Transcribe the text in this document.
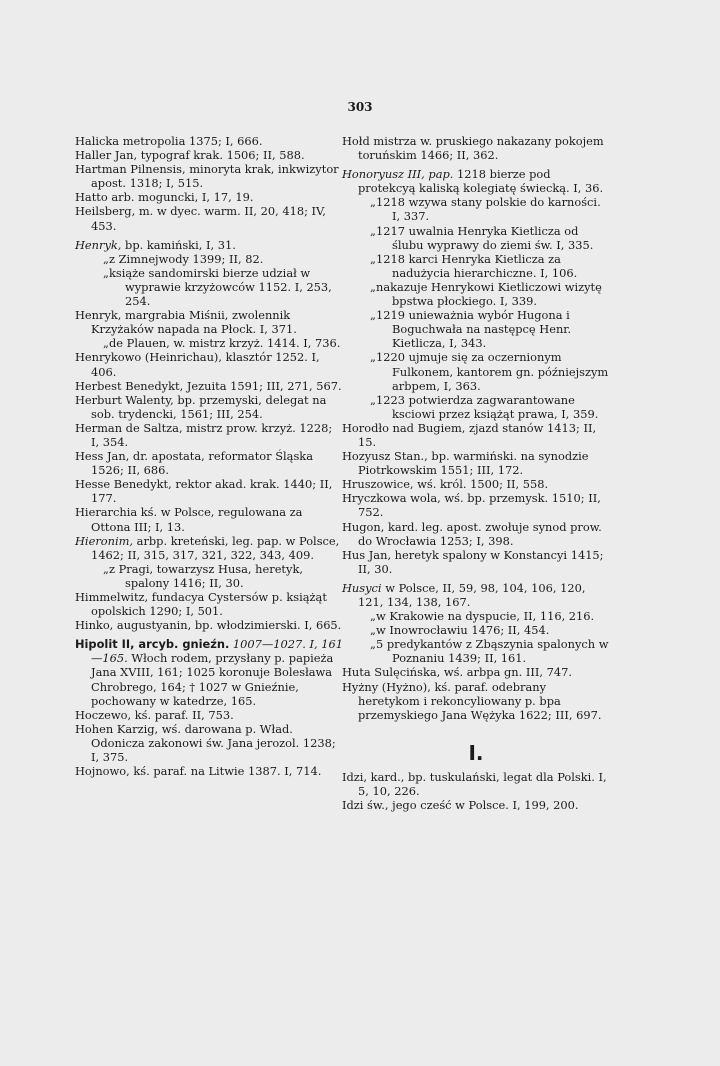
303

Halicka metropolia 1375; I, 666.

Haller Jan, typograf krak. 1506; II, 588.

Hartman Pilnensis, minoryta krak, inkwizytor apost. 1318; I, 515.

Hatto arb. moguncki, I, 17, 19.

Heilsberg, m. w dyec. warm. II, 20, 418; IV, 453.

Henryk, bp. kamiński, I, 31.

„ z Zimnejwody 1399; II, 82.

„ książe sandomirski bierze udział w wyprawie krzyżowców 1152. I, 253, 254.

Henryk, margrabia Miśnii, zwolennik Krzyżaków napada na Płock. I, 371.

„ de Plauen, w. mistrz krzyż. 1414. I, 736.

Henrykowo (Heinrichau), klasztór 1252. I, 406.

Herbest Benedykt, Jezuita 1591; III, 271, 567.

Herburt Walenty, bp. przemyski, delegat na sob. trydencki, 1561; III, 254.

Herman de Saltza, mistrz prow. krzyż. 1228; I, 354.

Hess Jan, dr. apostata, reformator Śląska 1526; II, 686.

Hesse Benedykt, rektor akad. krak. 1440; II, 177.

Hierarchia kś. w Polsce, regulowana za Ottona III; I, 13.

Hieronim, arbp. kreteński, leg. pap. w Polsce, 1462; II, 315, 317, 321, 322, 343, 409.

„ z Pragi, towarzysz Husa, heretyk, spalony 1416; II, 30.

Himmelwitz, fundacya Cystersów p. książąt opolskich 1290; I, 501.

Hinko, augustyanin, bp. włodzimierski. I, 665.

Hipolit II, arcyb. gnieźn. 1007—1027. I, 161—165. Włoch rodem, przysłany p. papieża Jana XVIII, 161; 1025 koronuje Bolesława Chrobrego, 164; † 1027 w Gnieźnie, pochowany w katedrze, 165.

Hoczewo, kś. paraf. II, 753.

Hohen Karzig, wś. darowana p. Wład. Odonicza zakonowi św. Jana jerozol. 1238; I, 375.

Hojnowo, kś. paraf. na Litwie 1387. I, 714.

Hołd mistrza w. pruskiego nakazany pokojem toruńskim 1466; II, 362.

Honoryusz III, pap. 1218 bierze pod protekcyą kaliską kolegiatę świecką. I, 36.

„ 1218 wzywa stany polskie do karności. I, 337.

„ 1217 uwalnia Henryka Kietlicza od ślubu wyprawy do ziemi św. I, 335.

„ 1218 karci Henryka Kietlicza za nadużycia hierarchiczne. I, 106.

„ nakazuje Henrykowi Kietliczowi wizytę bpstwa płockiego. I, 339.

„ 1219 unieważnia wybór Hugona i Boguchwała na następcę Henr. Kietlicza, I, 343.

„ 1220 ujmuje się za oczernionym Fulkonem, kantorem gn. późniejszym arbpem, I, 363.

„ 1223 potwierdza zagwarantowane ksciowi przez książąt prawa, I, 359.

Horodło nad Bugiem, zjazd stanów 1413; II, 15.

Hozyusz Stan., bp. warmiński. na synodzie Piotrkowskim 1551; III, 172.

Hruszowice, wś. król. 1500; II, 558.

Hryczkowa wola, wś. bp. przemysk. 1510; II, 752.

Hugon, kard. leg. apost. zwołuje synod prow. do Wrocławia 1253; I, 398.

Hus Jan, heretyk spalony w Konstancyi 1415; II, 30.

Husyci w Polsce, II, 59, 98, 104, 106, 120, 121, 134, 138, 167.

„ w Krakowie na dyspucie, II, 116, 216.

„ w Inowrocławiu 1476; II, 454.

„ 5 predykantów z Zbąszynia spalonych w Poznaniu 1439; II, 161.

Huta Sulęcińska, wś. arbpa gn. III, 747.

Hyżny (Hyżno), kś. paraf. odebrany heretykom i rekoncyliowany p. bpa przemyskiego Jana Wężyka 1622; III, 697.

I.

Idzi, kard., bp. tuskulański, legat dla Polski. I, 5, 10, 226.

Idzi św., jego cześć w Polsce. I, 199, 200.
